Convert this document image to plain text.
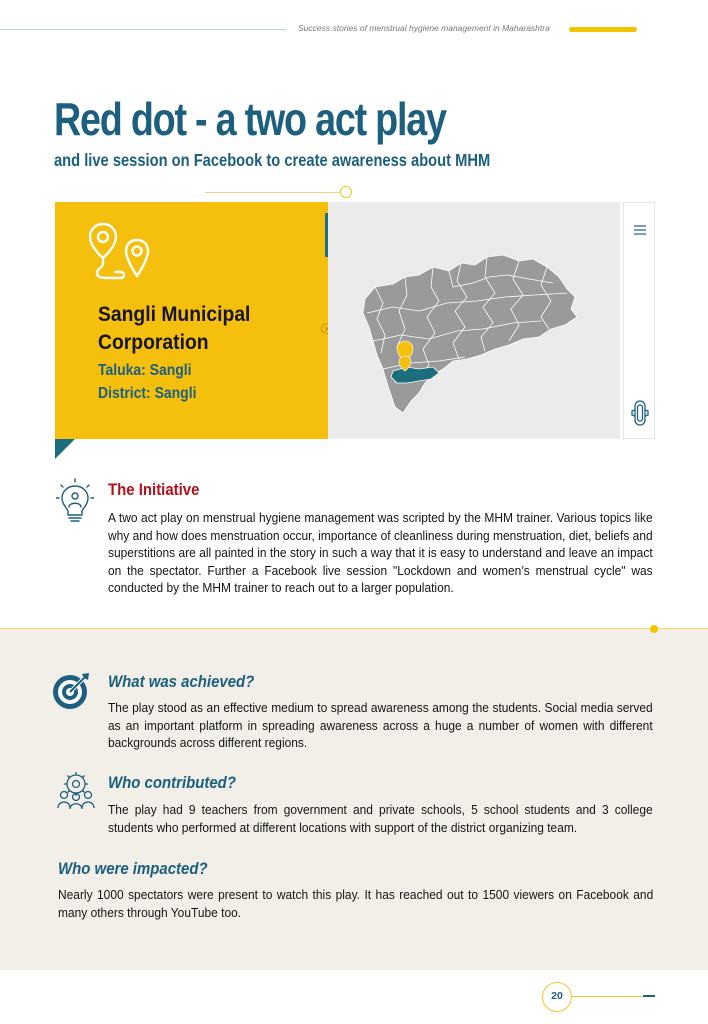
Success stories of menstrual hygiene management in Maharashtra
Red dot - a two act play
and live session on Facebook to create awareness about MHM
Sangli Municipal Corporation
Taluka: Sangli
District: Sangli
›
The Initiative

A two act play on menstrual hygiene management was scripted by the MHM trainer. Various topics like why and how does menstruation occur, importance of cleanliness during menstruation, diet, beliefs and superstitions are all painted in the story in such a way that it is easy to understand and leave an impact on the spectator. Further a Facebook live session "Lockdown and women’s menstrual cycle" was conducted by the MHM trainer to reach out to a larger population.

What was achieved?

The play stood as an effective medium to spread awareness among the students. Social media served as an important platform in spreading awareness across a huge a number of women with different backgrounds across different regions.

Who contributed?

The play had 9 teachers from government and private schools, 5 school students and 3 college students who performed at different locations with support of the district organizing team.

Who were impacted?

Nearly 1000 spectators were present to watch this play. It has reached out to 1500 viewers on Facebook and many others through YouTube too.

20
